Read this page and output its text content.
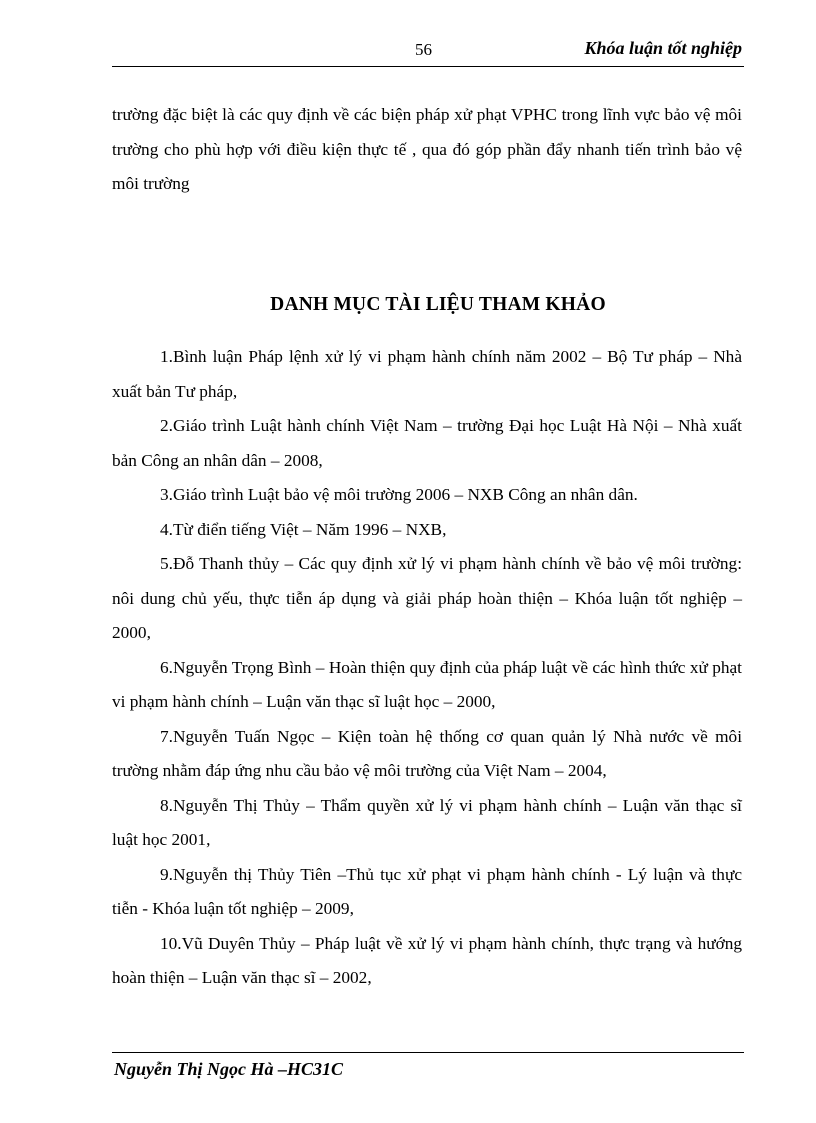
56	Khóa luận tốt nghiệp

trường đặc biệt là các quy định về các biện pháp xử phạt VPHC trong lĩnh vực bảo vệ môi trường cho phù hợp với điều kiện thực tế , qua đó góp phần đẩy nhanh tiến trình bảo vệ môi trường

DANH MỤC TÀI LIỆU THAM KHẢO
1.Bình luận Pháp lệnh xử lý vi phạm hành chính năm 2002 – Bộ Tư pháp – Nhà xuất bản Tư pháp,
2.Giáo trình Luật hành chính Việt Nam – trường Đại học Luật Hà Nội – Nhà xuất bản Công an nhân dân – 2008,
3.Giáo trình Luật bảo vệ môi trường 2006 – NXB Công an nhân dân.
4.Từ điển tiếng Việt – Năm 1996 – NXB,
5.Đỗ Thanh thủy – Các quy định xử lý vi phạm hành chính về bảo vệ môi trường: nôi dung chủ yếu, thực tiễn áp dụng và giải pháp hoàn thiện – Khóa luận tốt nghiệp – 2000,
6.Nguyễn Trọng Bình – Hoàn thiện quy định của pháp luật về các hình thức xử phạt vi phạm hành chính – Luận văn thạc sĩ luật học – 2000,
7.Nguyễn Tuấn Ngọc – Kiện toàn hệ thống cơ quan quản lý Nhà nước về môi trường nhằm đáp ứng nhu cầu bảo vệ môi trường của Việt Nam – 2004,
8.Nguyễn Thị Thủy – Thẩm quyền xử lý vi phạm hành chính – Luận văn thạc sĩ luật học 2001,
9.Nguyễn thị Thủy Tiên –Thủ tục xử phạt vi phạm hành chính - Lý luận và thực tiễn - Khóa luận tốt nghiệp – 2009,
10.Vũ Duyên Thủy – Pháp luật về xử lý vi phạm hành chính, thực trạng và hướng hoàn thiện – Luận văn thạc sĩ – 2002,
Nguyễn Thị Ngọc Hà –HC31C
